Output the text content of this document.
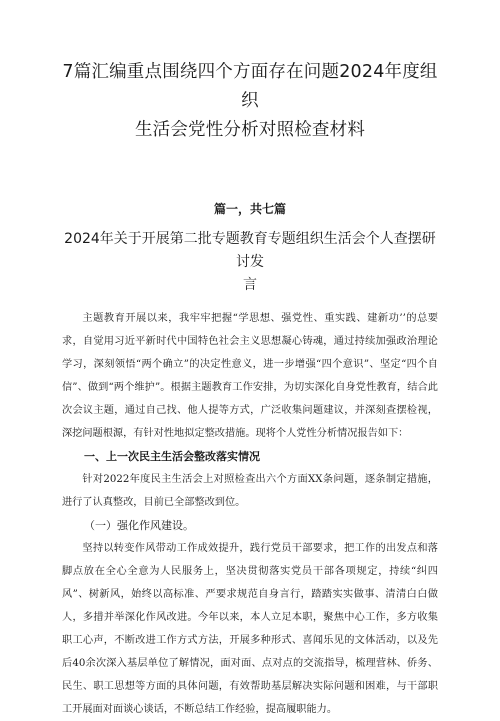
7篇汇编重点围绕四个方面存在问题2024年度组织
生活会党性分析对照检查材料
篇一，共七篇
2024年关于开展第二批专题教育专题组织生活会个人查摆研讨发
言

主题教育开展以来，我牢牢把握“学思想、强党性、重实践、建新功’’的总要求，自觉用习近平新时代中国特色社会主义思想凝心铸魂，通过持续加强政治理论学习，深刻领悟“两个确立”的决定性意义，进一步增强“四个意识”、坚定“四个自信”、做到“两个维护”。根据主题教育工作安排，为切实深化自身党性教育，结合此次会议主题，通过自己找、他人提等方式，广泛收集问题建议，并深刻查摆检视，深挖问题根源，有针对性地拟定整改措施。现将个人党性分析情况报告如下：

一、上一次民主生活会整改落实情况

针对2022年度民主生活会上对照检查出六个方面XX条问题，逐条制定措施，进行了认真整改，目前已全部整改到位。

（一）强化作风建设。

坚持以转变作风带动工作成效提升，践行党员干部要求，把工作的出发点和落脚点放在全心全意为人民服务上，坚决贯彻落实党员干部各项规定，持续“纠四风”、树新风，始终以高标准、严要求规范自身言行，踏踏实实做事、清清白白做人，多措并举深化作风改进。今年以来，本人立足本职，聚焦中心工作，多方收集职工心声，不断改进工作方式方法，开展多种形式、喜闻乐见的文体活动，以及先后40余次深入基层单位了解情况，面对面、点对点的交流指导，梳理营林、侨务、民生、职工思想等方面的具体问题，有效帮助基层解决实际问题和困难，与干部职工开展面对面谈心谈话，不断总结工作经验，提高履职能力。
